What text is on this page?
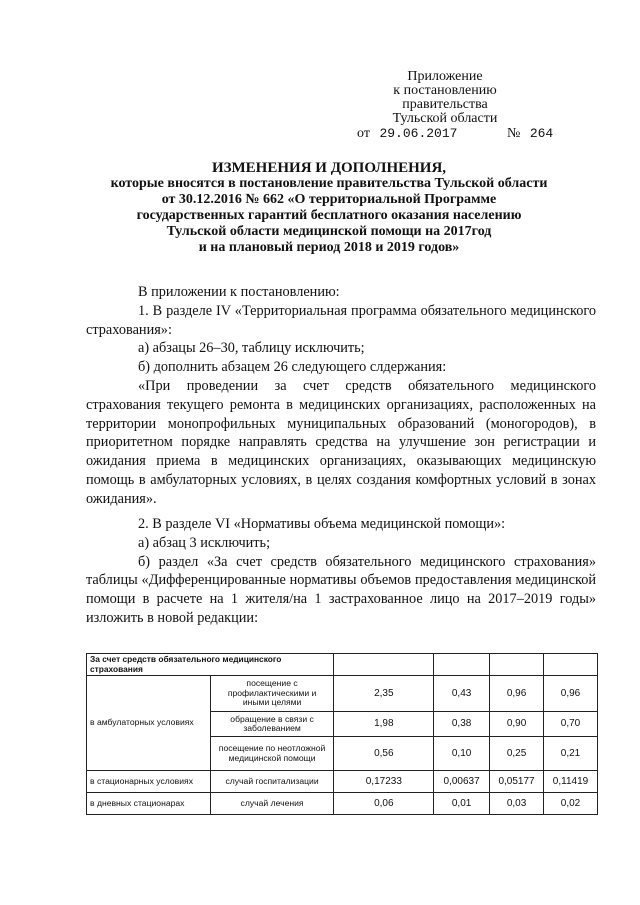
Приложение
к постановлению правительства
Тульской области
от 29.06.2017	№ 264
ИЗМЕНЕНИЯ И ДОПОЛНЕНИЯ,
которые вносятся в постановление правительства Тульской области
от 30.12.2016 № 662 «О территориальной Программе
государственных гарантий бесплатного оказания населению
Тульской области медицинской помощи на 2017год
и на плановый период 2018 и 2019 годов»

В приложении к постановлению:

1. В разделе IV «Территориальная программа обязательного медицинского страхования»:

а) абзацы 26–30, таблицу исключить;

б) дополнить абзацем 26 следующего слдержания:

«При проведении за счет средств обязательного медицинского страхования текущего ремонта в медицинских организациях, расположенных на территории монопрофильных муниципальных образований (моногородов), в приоритетном порядке направлять средства на улучшение зон регистрации и ожидания приема в медицинских организациях, оказывающих медицинскую помощь в амбулаторных условиях, в целях создания комфортных условий в зонах ожидания».

2. В разделе VI «Нормативы объема медицинской помощи»:

а) абзац 3 исключить;

б) раздел «За счет средств обязательного медицинского страхования» таблицы «Дифференцированные нормативы объемов предоставления медицинской помощи в расчете на 1 жителя/на 1 застрахованное лицо на 2017–2019 годы» изложить в новой редакции:

За счет средств обязательного медицинского страхования					
в амбулаторных условиях	посещение с профилактическими и иными целями	2,35	0,43	0,96	0,96
	обращение в связи с заболеванием	1,98	0,38	0,90	0,70
	посещение по неотложной медицинской помощи	0,56	0,10	0,25	0,21
в стационарных условиях	случай госпитализации	0,17233	0,00637	0,05177	0,11419
в дневных стационарах	случай лечения	0,06	0,01	0,03	0,02
